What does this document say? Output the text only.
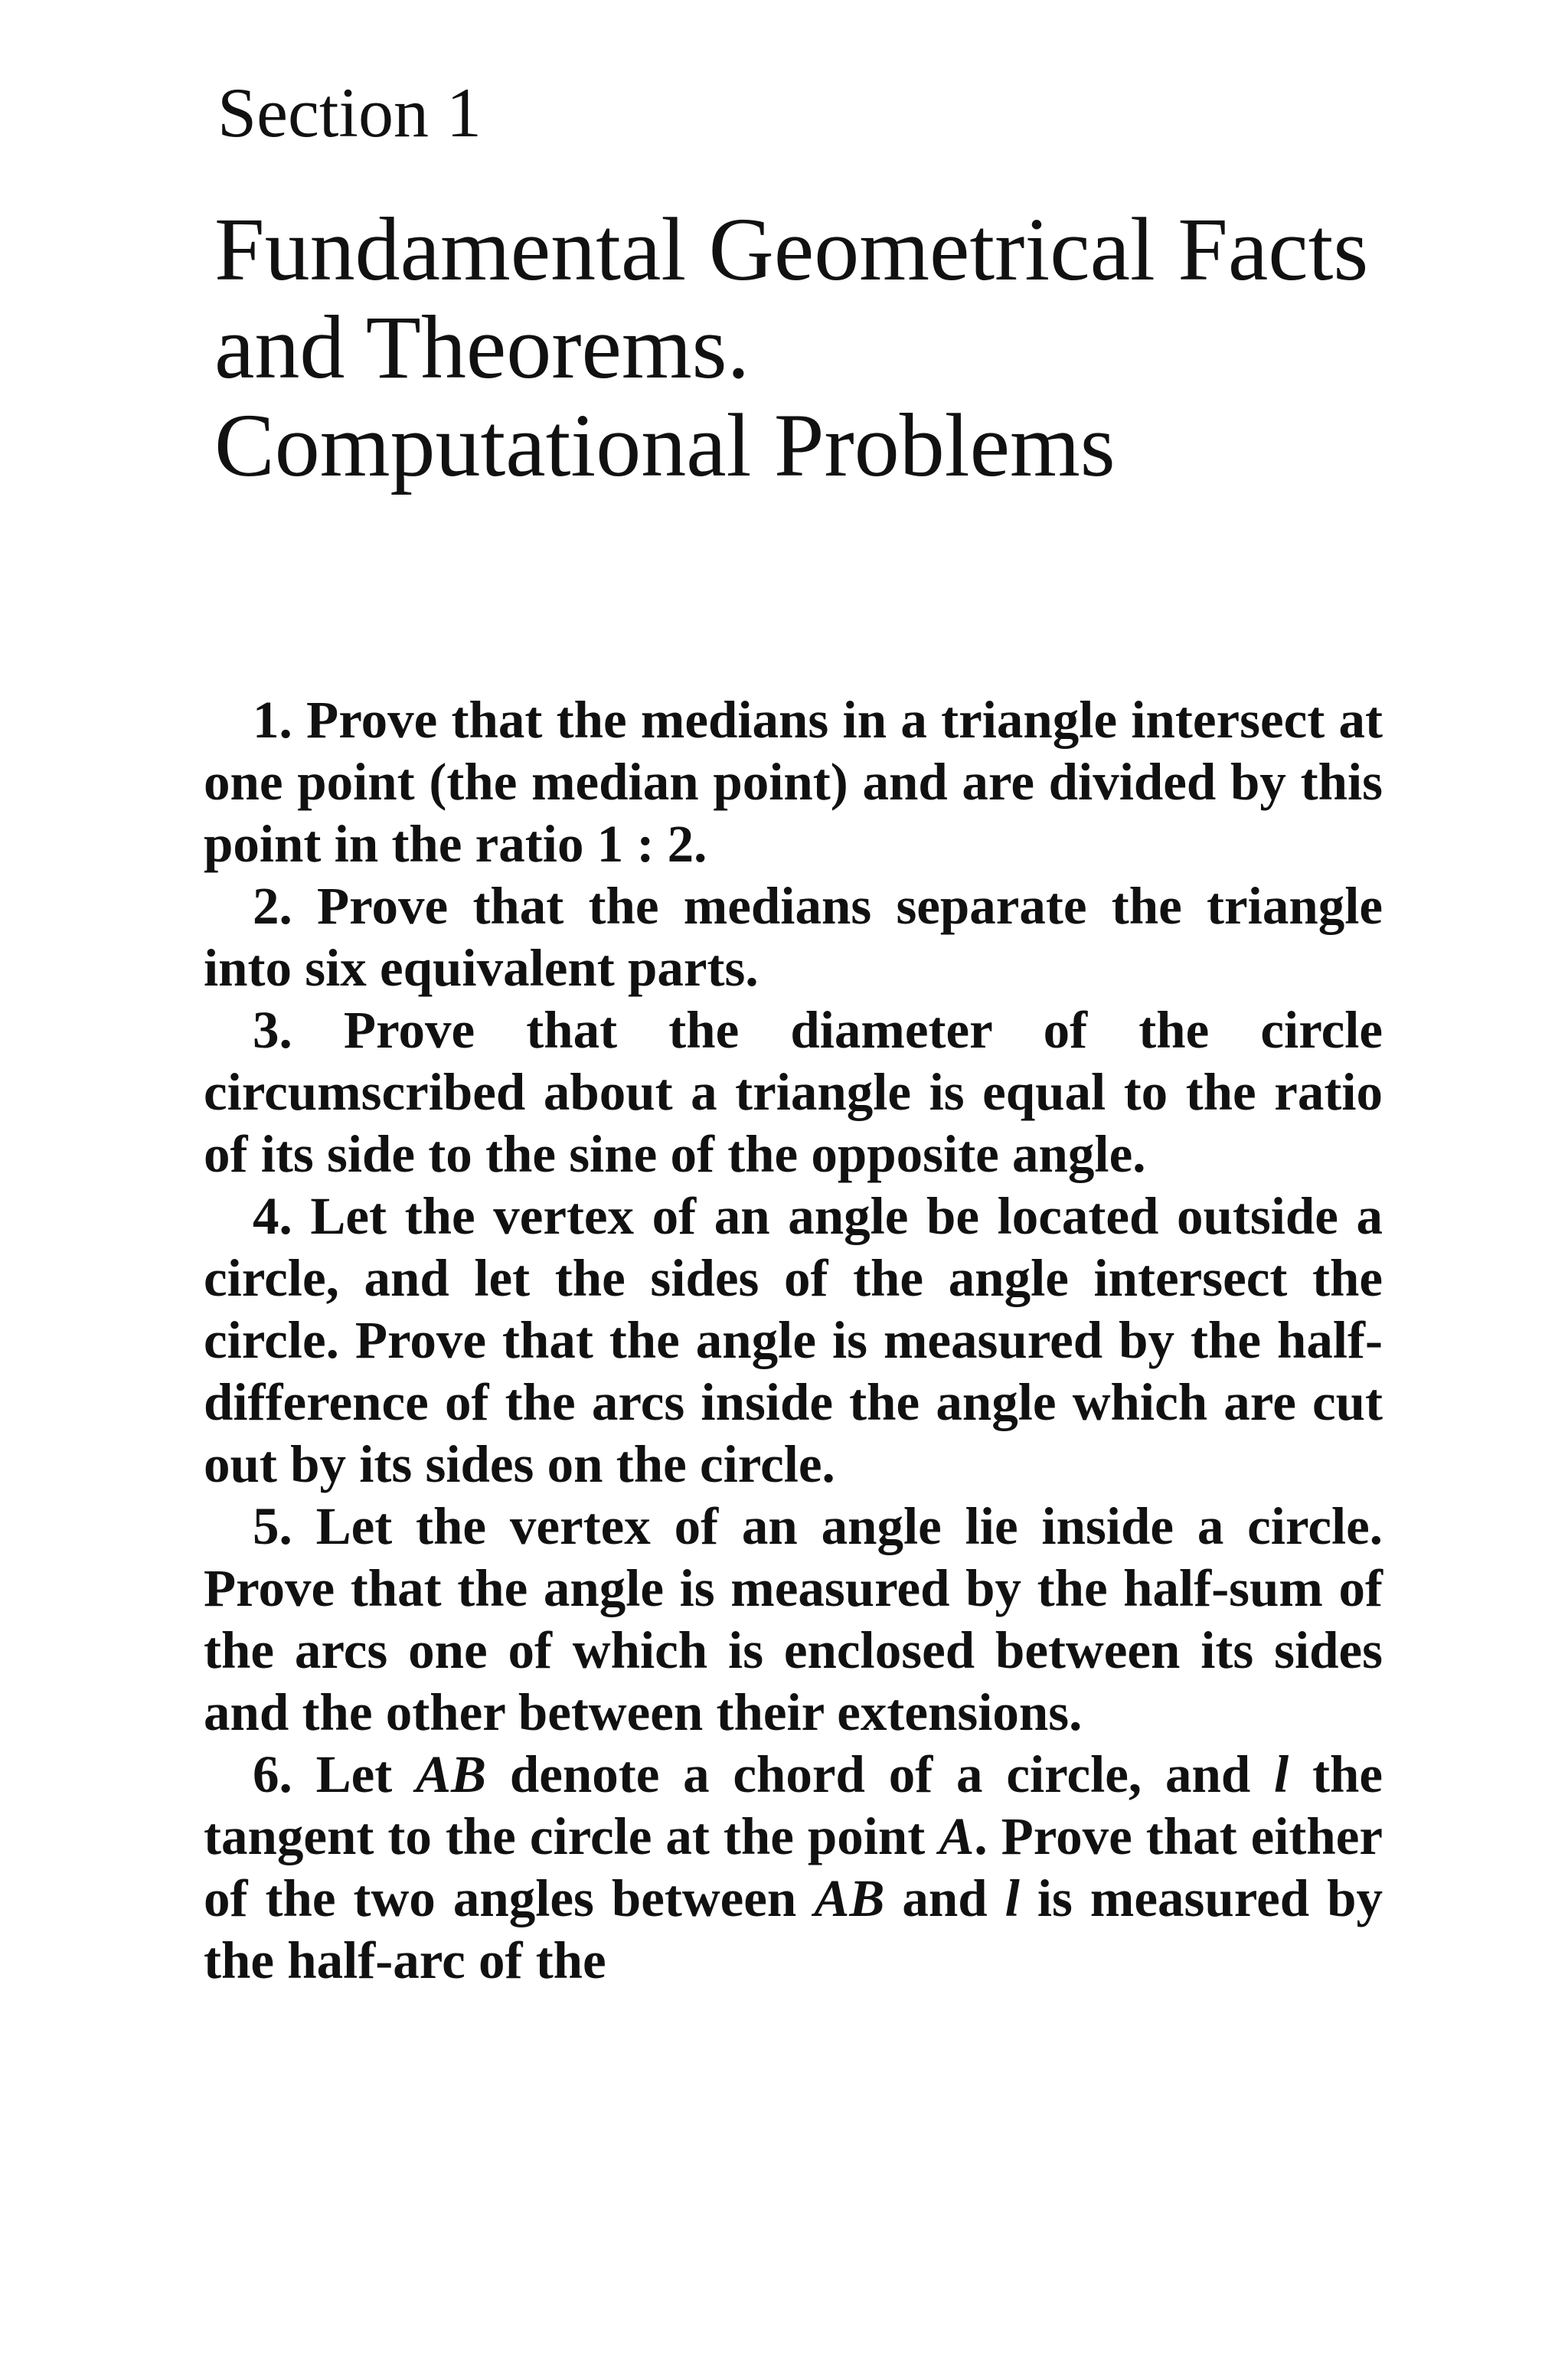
Section 1
Fundamental Geometrical Facts
and Theorems.
Computational Problems

1. Prove that the medians in a triangle intersect at one point (the median point) and are divided by this point in the ratio 1 : 2.

2. Prove that the medians separate the triangle into six equivalent parts.

3. Prove that the diameter of the circle circumscribed about a triangle is equal to the ratio of its side to the sine of the opposite angle.

4. Let the vertex of an angle be located outside a circle, and let the sides of the angle intersect the circle. Prove that the angle is measured by the half-difference of the arcs inside the angle which are cut out by its sides on the circle.

5. Let the vertex of an angle lie inside a circle. Prove that the angle is measured by the half-sum of the arcs one of which is enclosed between its sides and the other between their extensions.

6. Let AB denote a chord of a circle, and l the tangent to the circle at the point A. Prove that either of the two angles between AB and l is measured by the half-arc of the
